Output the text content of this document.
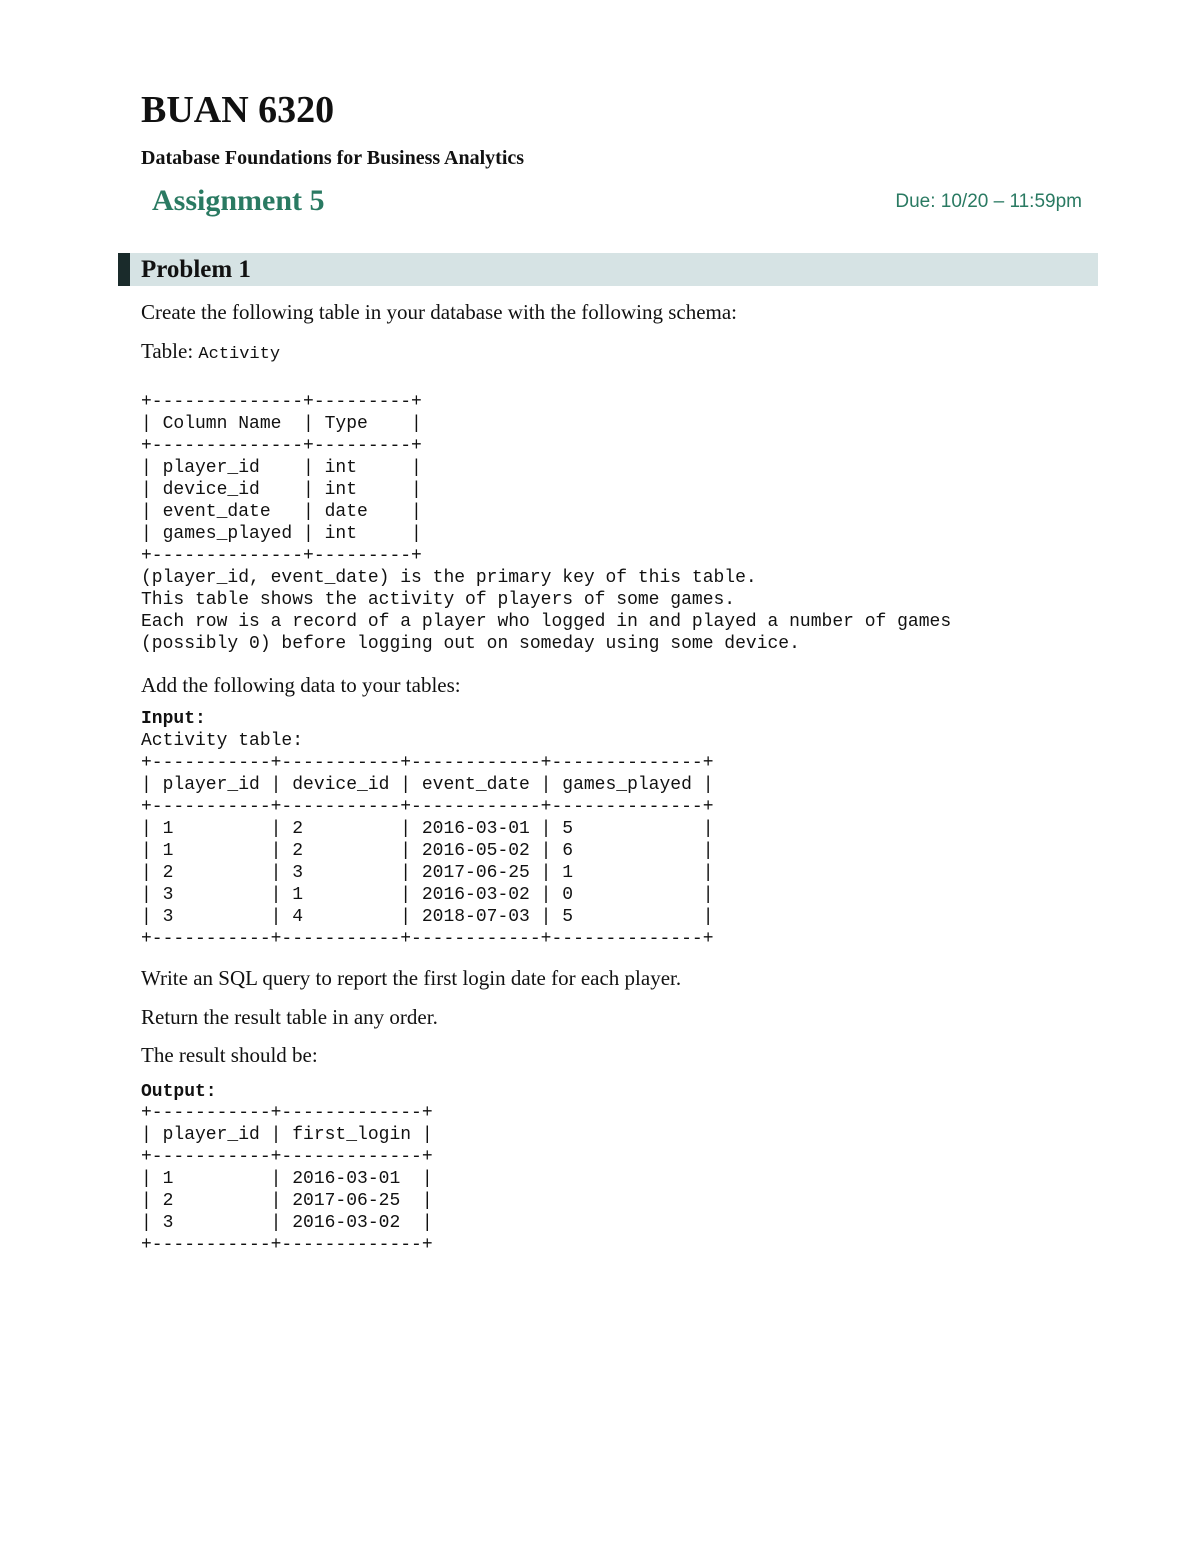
BUAN 6320
Database Foundations for Business Analytics
Assignment 5	Due: 10/20 – 11:59pm
Problem 1

Create the following table in your database with the following schema:

Table: Activity

+--------------+---------+
| Column Name  | Type    |
+--------------+---------+
| player_id    | int     |
| device_id    | int     |
| event_date   | date    |
| games_played | int     |
+--------------+---------+
(player_id, event_date) is the primary key of this table.
This table shows the activity of players of some games.
Each row is a record of a player who logged in and played a number of games
(possibly 0) before logging out on someday using some device.

Add the following data to your tables:

Input:
Activity table:
+-----------+-----------+------------+--------------+
| player_id | device_id | event_date | games_played |
+-----------+-----------+------------+--------------+
| 1         | 2         | 2016-03-01 | 5            |
| 1         | 2         | 2016-05-02 | 6            |
| 2         | 3         | 2017-06-25 | 1            |
| 3         | 1         | 2016-03-02 | 0            |
| 3         | 4         | 2018-07-03 | 5            |
+-----------+-----------+------------+--------------+

Write an SQL query to report the first login date for each player.

Return the result table in any order.

The result should be:

Output:
+-----------+-------------+
| player_id | first_login |
+-----------+-------------+
| 1         | 2016-03-01  |
| 2         | 2017-06-25  |
| 3         | 2016-03-02  |
+-----------+-------------+
